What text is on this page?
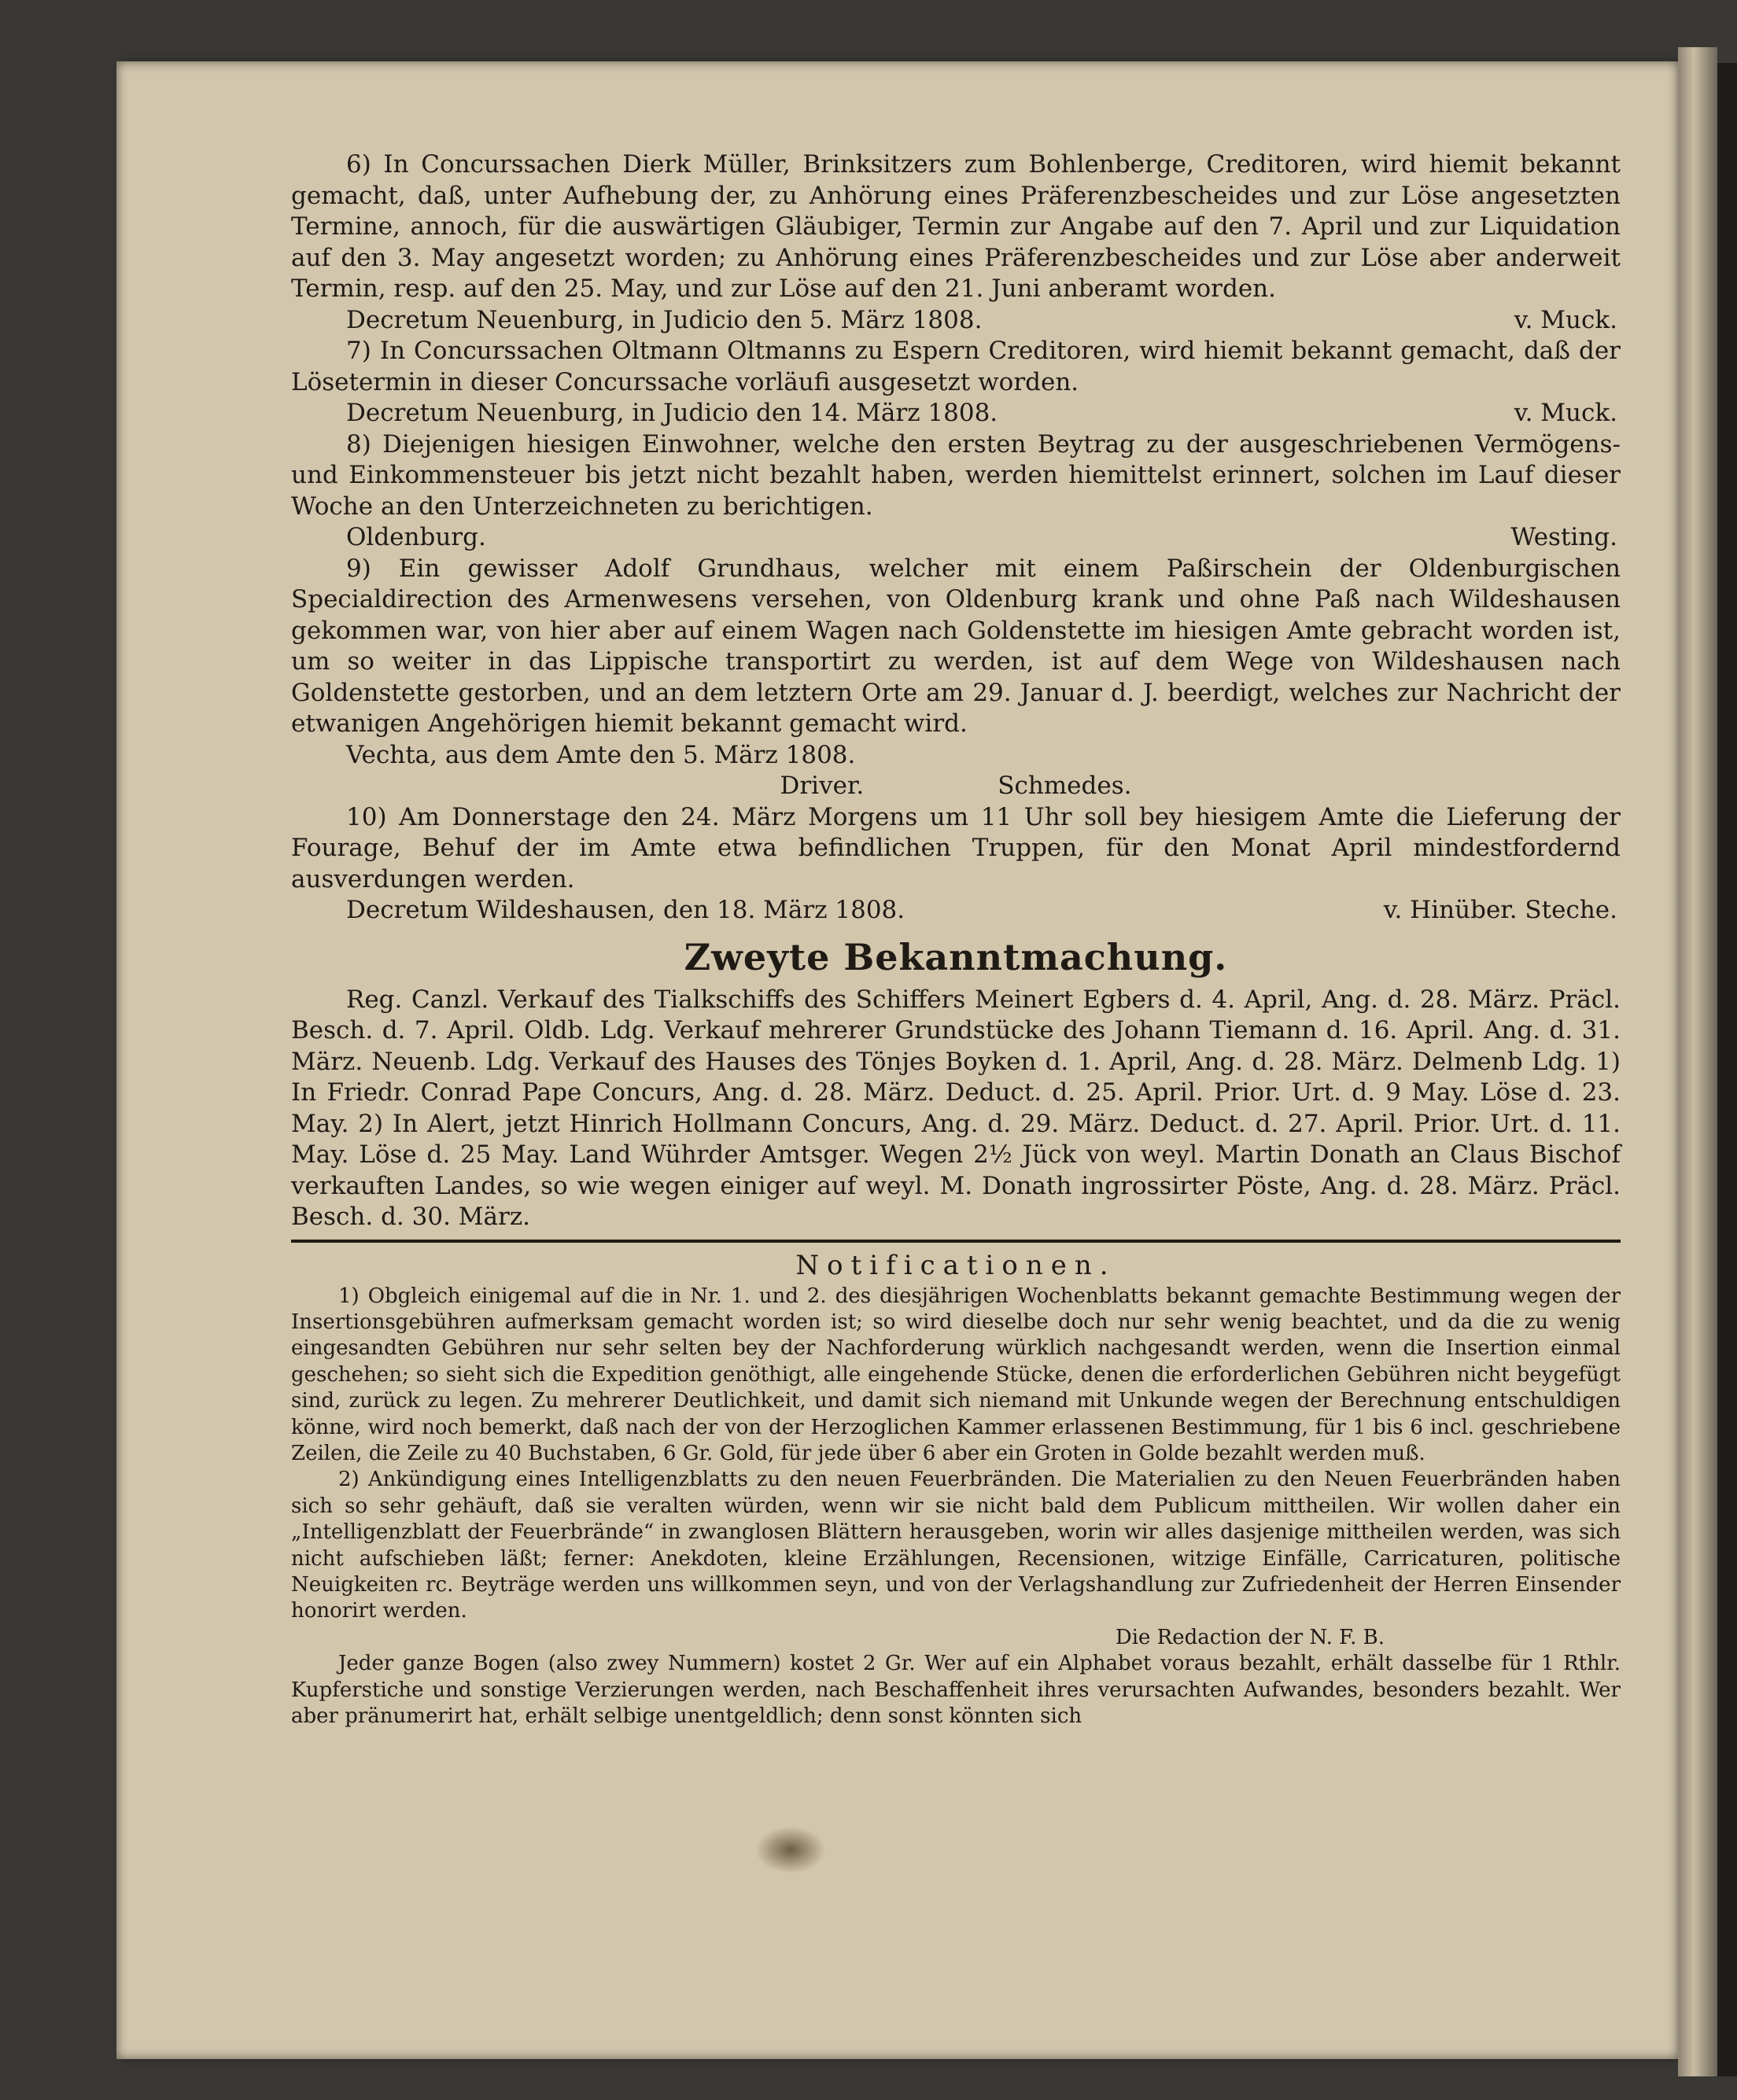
6) In Concurssachen Dierk Müller, Brinksitzers zum Bohlenberge, Creditoren, wird hiemit bekannt gemacht, daß, unter Aufhebung der, zu Anhörung eines Präferenzbescheides und zur Löse angesetzten Termine, annoch, für die auswärtigen Gläubiger, Termin zur Angabe auf den 7. April und zur Liquidation auf den 3. May angesetzt worden; zu Anhörung eines Präferenzbescheides und zur Löse aber anderweit Termin, resp. auf den 25. May, und zur Löse auf den 21. Juni anberamt worden.

Decretum Neuenburg, in Judicio den 5. März 1808.	v. Muck.

7) In Concurssachen Oltmann Oltmanns zu Espern Creditoren, wird hiemit bekannt gemacht, daß der Lösetermin in dieser Concurssache vorläufi ausgesetzt worden.

Decretum Neuenburg, in Judicio den 14. März 1808.	v. Muck.

8) Diejenigen hiesigen Einwohner, welche den ersten Beytrag zu der ausgeschriebenen Vermögens- und Einkommensteuer bis jetzt nicht bezahlt haben, werden hiemittelst erinnert, solchen im Lauf dieser Woche an den Unterzeichneten zu berichtigen.

Oldenburg.	Westing.

9) Ein gewisser Adolf Grundhaus, welcher mit einem Paßirschein der Oldenburgischen Specialdirection des Armenwesens versehen, von Oldenburg krank und ohne Paß nach Wildeshausen gekommen war, von hier aber auf einem Wagen nach Goldenstette im hiesigen Amte gebracht worden ist, um so weiter in das Lippische transportirt zu werden, ist auf dem Wege von Wildeshausen nach Goldenstette gestorben, und an dem letztern Orte am 29. Januar d. J. beerdigt, welches zur Nachricht der etwanigen Angehörigen hiemit bekannt gemacht wird.

Vechta, aus dem Amte den 5. März 1808.
Driver.	Schmedes.

10) Am Donnerstage den 24. März Morgens um 11 Uhr soll bey hiesigem Amte die Lieferung der Fourage, Behuf der im Amte etwa befindlichen Truppen, für den Monat April mindestfordernd ausverdungen werden.

Decretum Wildeshausen, den 18. März 1808.	v. Hinüber. Steche.
Zweyte Bekanntmachung.

Reg. Canzl. Verkauf des Tialkschiffs des Schiffers Meinert Egbers d. 4. April, Ang. d. 28. März. Präcl. Besch. d. 7. April. Oldb. Ldg. Verkauf mehrerer Grundstücke des Johann Tiemann d. 16. April. Ang. d. 31. März. Neuenb. Ldg. Verkauf des Hauses des Tönjes Boyken d. 1. April, Ang. d. 28. März. Delmenb Ldg. 1) In Friedr. Conrad Pape Concurs, Ang. d. 28. März. Deduct. d. 25. April. Prior. Urt. d. 9 May. Löse d. 23. May. 2) In Alert, jetzt Hinrich Hollmann Concurs, Ang. d. 29. März. Deduct. d. 27. April. Prior. Urt. d. 11. May. Löse d. 25 May. Land Wührder Amtsger. Wegen 2½ Jück von weyl. Martin Donath an Claus Bischof verkauften Landes, so wie wegen einiger auf weyl. M. Donath ingrossirter Pöste, Ang. d. 28. März. Präcl. Besch. d. 30. März.

Notificationen.

1) Obgleich einigemal auf die in Nr. 1. und 2. des diesjährigen Wochenblatts bekannt gemachte Bestimmung wegen der Insertionsgebühren aufmerksam gemacht worden ist; so wird dieselbe doch nur sehr wenig beachtet, und da die zu wenig eingesandten Gebühren nur sehr selten bey der Nachforderung würklich nachgesandt werden, wenn die Insertion einmal geschehen; so sieht sich die Expedition genöthigt, alle eingehende Stücke, denen die erforderlichen Gebühren nicht beygefügt sind, zurück zu legen. Zu mehrerer Deutlichkeit, und damit sich niemand mit Unkunde wegen der Berechnung entschuldigen könne, wird noch bemerkt, daß nach der von der Herzoglichen Kammer erlassenen Bestimmung, für 1 bis 6 incl. geschriebene Zeilen, die Zeile zu 40 Buchstaben, 6 Gr. Gold, für jede über 6 aber ein Groten in Golde bezahlt werden muß.

2) Ankündigung eines Intelligenzblatts zu den neuen Feuerbränden. Die Materialien zu den Neuen Feuerbränden haben sich so sehr gehäuft, daß sie veralten würden, wenn wir sie nicht bald dem Publicum mittheilen. Wir wollen daher ein „Intelligenzblatt der Feuerbrände“ in zwanglosen Blättern herausgeben, worin wir alles dasjenige mittheilen werden, was sich nicht aufschieben läßt; ferner: Anekdoten, kleine Erzählungen, Recensionen, witzige Einfälle, Carricaturen, politische Neuigkeiten rc. Beyträge werden uns willkommen seyn, und von der Verlagshandlung zur Zufriedenheit der Herren Einsender honorirt werden.

Die Redaction der N. F. B.

Jeder ganze Bogen (also zwey Nummern) kostet 2 Gr. Wer auf ein Alphabet voraus bezahlt, erhält dasselbe für 1 Rthlr. Kupferstiche und sonstige Verzierungen werden, nach Beschaffenheit ihres verursachten Aufwandes, besonders bezahlt. Wer aber pränumerirt hat, erhält selbige unentgeldlich; denn sonst könnten sich
